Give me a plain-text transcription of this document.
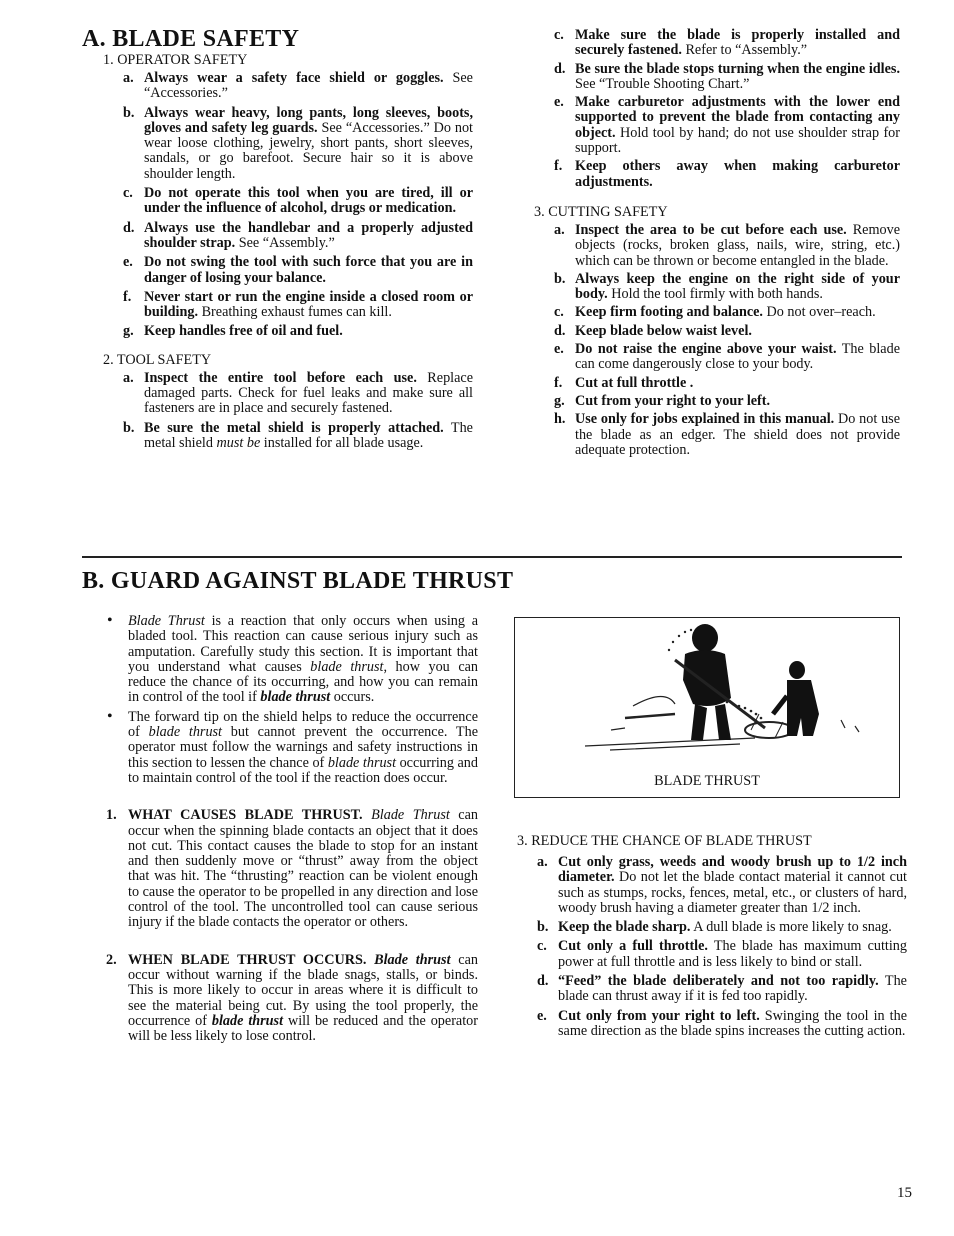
A. BLADE SAFETY
1. OPERATOR SAFETY
a. Always wear a safety face shield or goggles. See “Accessories.”
b. Always wear heavy, long pants, long sleeves, boots, gloves and safety leg guards. See “Accessories.” Do not wear loose clothing, jewelry, short pants, short sleeves, sandals, or go barefoot. Secure hair so it is above shoulder length.
c. Do not operate this tool when you are tired, ill or under the influence of alcohol, drugs or medication.
d. Always use the handlebar and a properly adjusted shoulder strap. See “Assembly.”
e. Do not swing the tool with such force that you are in danger of losing your balance.
f. Never start or run the engine inside a closed room or building. Breathing exhaust fumes can kill.
g. Keep handles free of oil and fuel.
2. TOOL SAFETY
a. Inspect the entire tool before each use. Replace damaged parts. Check for fuel leaks and make sure all fasteners are in place and securely fastened.
b. Be sure the metal shield is properly attached. The metal shield must be installed for all blade usage.
c. Make sure the blade is properly installed and securely fastened. Refer to “Assembly.”
d. Be sure the blade stops turning when the engine idles. See “Trouble Shooting Chart.”
e. Make carburetor adjustments with the lower end supported to prevent the blade from contacting any object. Hold tool by hand; do not use shoulder strap for support.
f. Keep others away when making carburetor adjustments.
3. CUTTING SAFETY
a. Inspect the area to be cut before each use. Remove objects (rocks, broken glass, nails, wire, string, etc.) which can be thrown or become entangled in the blade.
b. Always keep the engine on the right side of your body. Hold the tool firmly with both hands.
c. Keep firm footing and balance. Do not over–reach.
d. Keep blade below waist level.
e. Do not raise the engine above your waist. The blade can come dangerously close to your body.
f. Cut at full throttle .
g. Cut from your right to your left.
h. Use only for jobs explained in this manual. Do not use the blade as an edger. The shield does not provide adequate protection.
B. GUARD AGAINST BLADE THRUST
• Blade Thrust is a reaction that only occurs when using a bladed tool. This reaction can cause serious injury such as amputation. Carefully study this section. It is important that you understand what causes blade thrust, how you can reduce the chance of its occurring, and how you can remain in control of the tool if blade thrust occurs.
• The forward tip on the shield helps to reduce the occurrence of blade thrust but cannot prevent the occurrence. The operator must follow the warnings and safety instructions in this section to lessen the chance of blade thrust occurring and to maintain control of the tool if the reaction does occur.
1. WHAT CAUSES BLADE THRUST. Blade Thrust can occur when the spinning blade contacts an object that it does not cut. This contact causes the blade to stop for an instant and then suddenly move or “thrust” away from the object that was hit. The “thrusting” reaction can be violent enough to cause the operator to be propelled in any direction and lose control of the tool. The uncontrolled tool can cause serious injury if the blade contacts the operator or others.
2. WHEN BLADE THRUST OCCURS. Blade thrust can occur without warning if the blade snags, stalls, or binds. This is more likely to occur in areas where it is difficult to see the material being cut. By using the tool properly, the occurrence of blade thrust will be reduced and the operator will be less likely to lose control.
BLADE THRUST
3. REDUCE THE CHANCE OF BLADE THRUST
a. Cut only grass, weeds and woody brush up to 1/2 inch diameter. Do not let the blade contact material it cannot cut such as stumps, rocks, fences, metal, etc., or clusters of hard, woody brush having a diameter greater than 1/2 inch.
b. Keep the blade sharp. A dull blade is more likely to snag.
c. Cut only a full throttle. The blade has maximum cutting power at full throttle and is less likely to bind or stall.
d. “Feed” the blade deliberately and not too rapidly. The blade can thrust away if it is fed too rapidly.
e. Cut only from your right to left. Swinging the tool in the same direction as the blade spins increases the cutting action.
15
